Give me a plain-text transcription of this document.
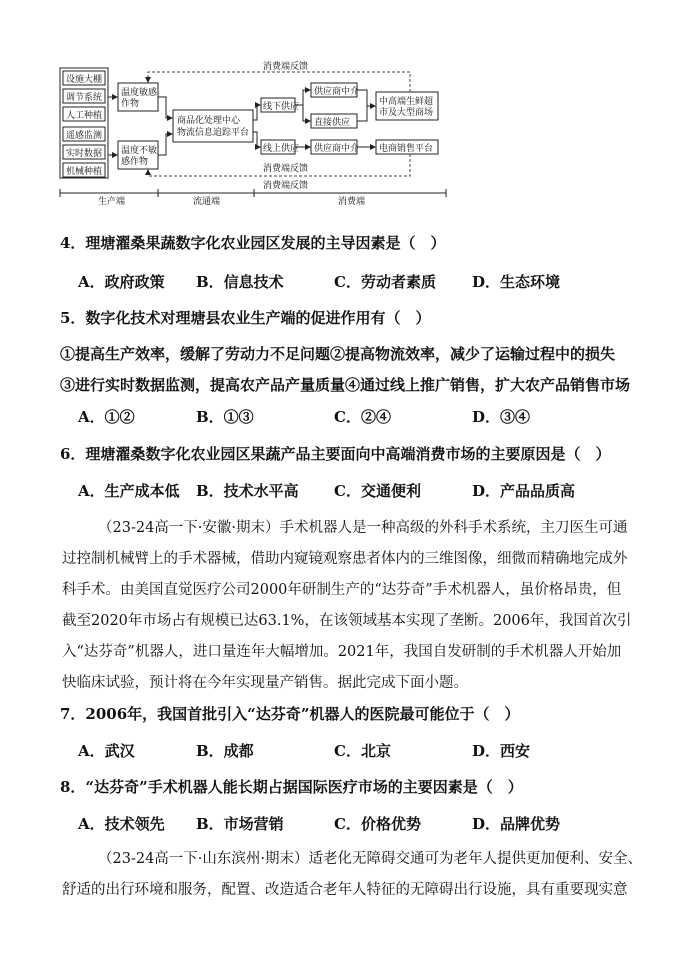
设施大棚
调节系统
人工种植
遥感监测
实时数据
机械种植
温度敏感
作物
温度不敏
感作物
商品化处理中心
物流信息追踪平台
线下供应
线上供应
供应商中介
直接供应
供应商中介
中高端生鲜超
市及大型商场
电商销售平台
消费端反馈
消费端反馈
消费端反馈
生产端	流通端	消费端
4．理塘濯桑果蔬数字化农业园区发展的主导因素是（　）
A．政府政策 B．信息技术	C．劳动者素质 D．生态环境
5．数字化技术对理塘县农业生产端的促进作用有（　）
①提高生产效率，缓解了劳动力不足问题②提高物流效率，减少了运输过程中的损失
③进行实时数据监测，提高农产品产量质量④通过线上推广销售，扩大农产品销售市场
A．①②	B．①③	C．②④	D．③④
6．理塘濯桑数字化农业园区果蔬产品主要面向中高端消费市场的主要原因是（　）
A．生产成本低 B．技术水平高 C．交通便利	D．产品品质高
（23-24高一下·安徽·期末）手术机器人是一种高级的外科手术系统，主刀医生可通
过控制机械臂上的手术器械，借助内窥镜观察患者体内的三维图像，细微而精确地完成外
科手术。由美国直觉医疗公司2000年研制生产的“达芬奇”手术机器人，虽价格昂贵，但
截至2020年市场占有规模已达63.1%，在该领域基本实现了垄断。2006年，我国首次引
入“达芬奇”机器人，进口量连年大幅增加。2021年，我国自发研制的手术机器人开始加
快临床试验，预计将在今年实现量产销售。据此完成下面小题。
7．2006年，我国首批引入“达芬奇”机器人的医院最可能位于（　）
A．武汉	B．成都	C．北京	D．西安
8．“达芬奇”手术机器人能长期占据国际医疗市场的主要因素是（　）
A．技术领先 B．市场营销	C．价格优势	D．品牌优势
（23-24高一下·山东滨州·期末）适老化无障碍交通可为老年人提供更加便利、安全、
舒适的出行环境和服务，配置、改造适合老年人特征的无障碍出行设施，具有重要现实意
